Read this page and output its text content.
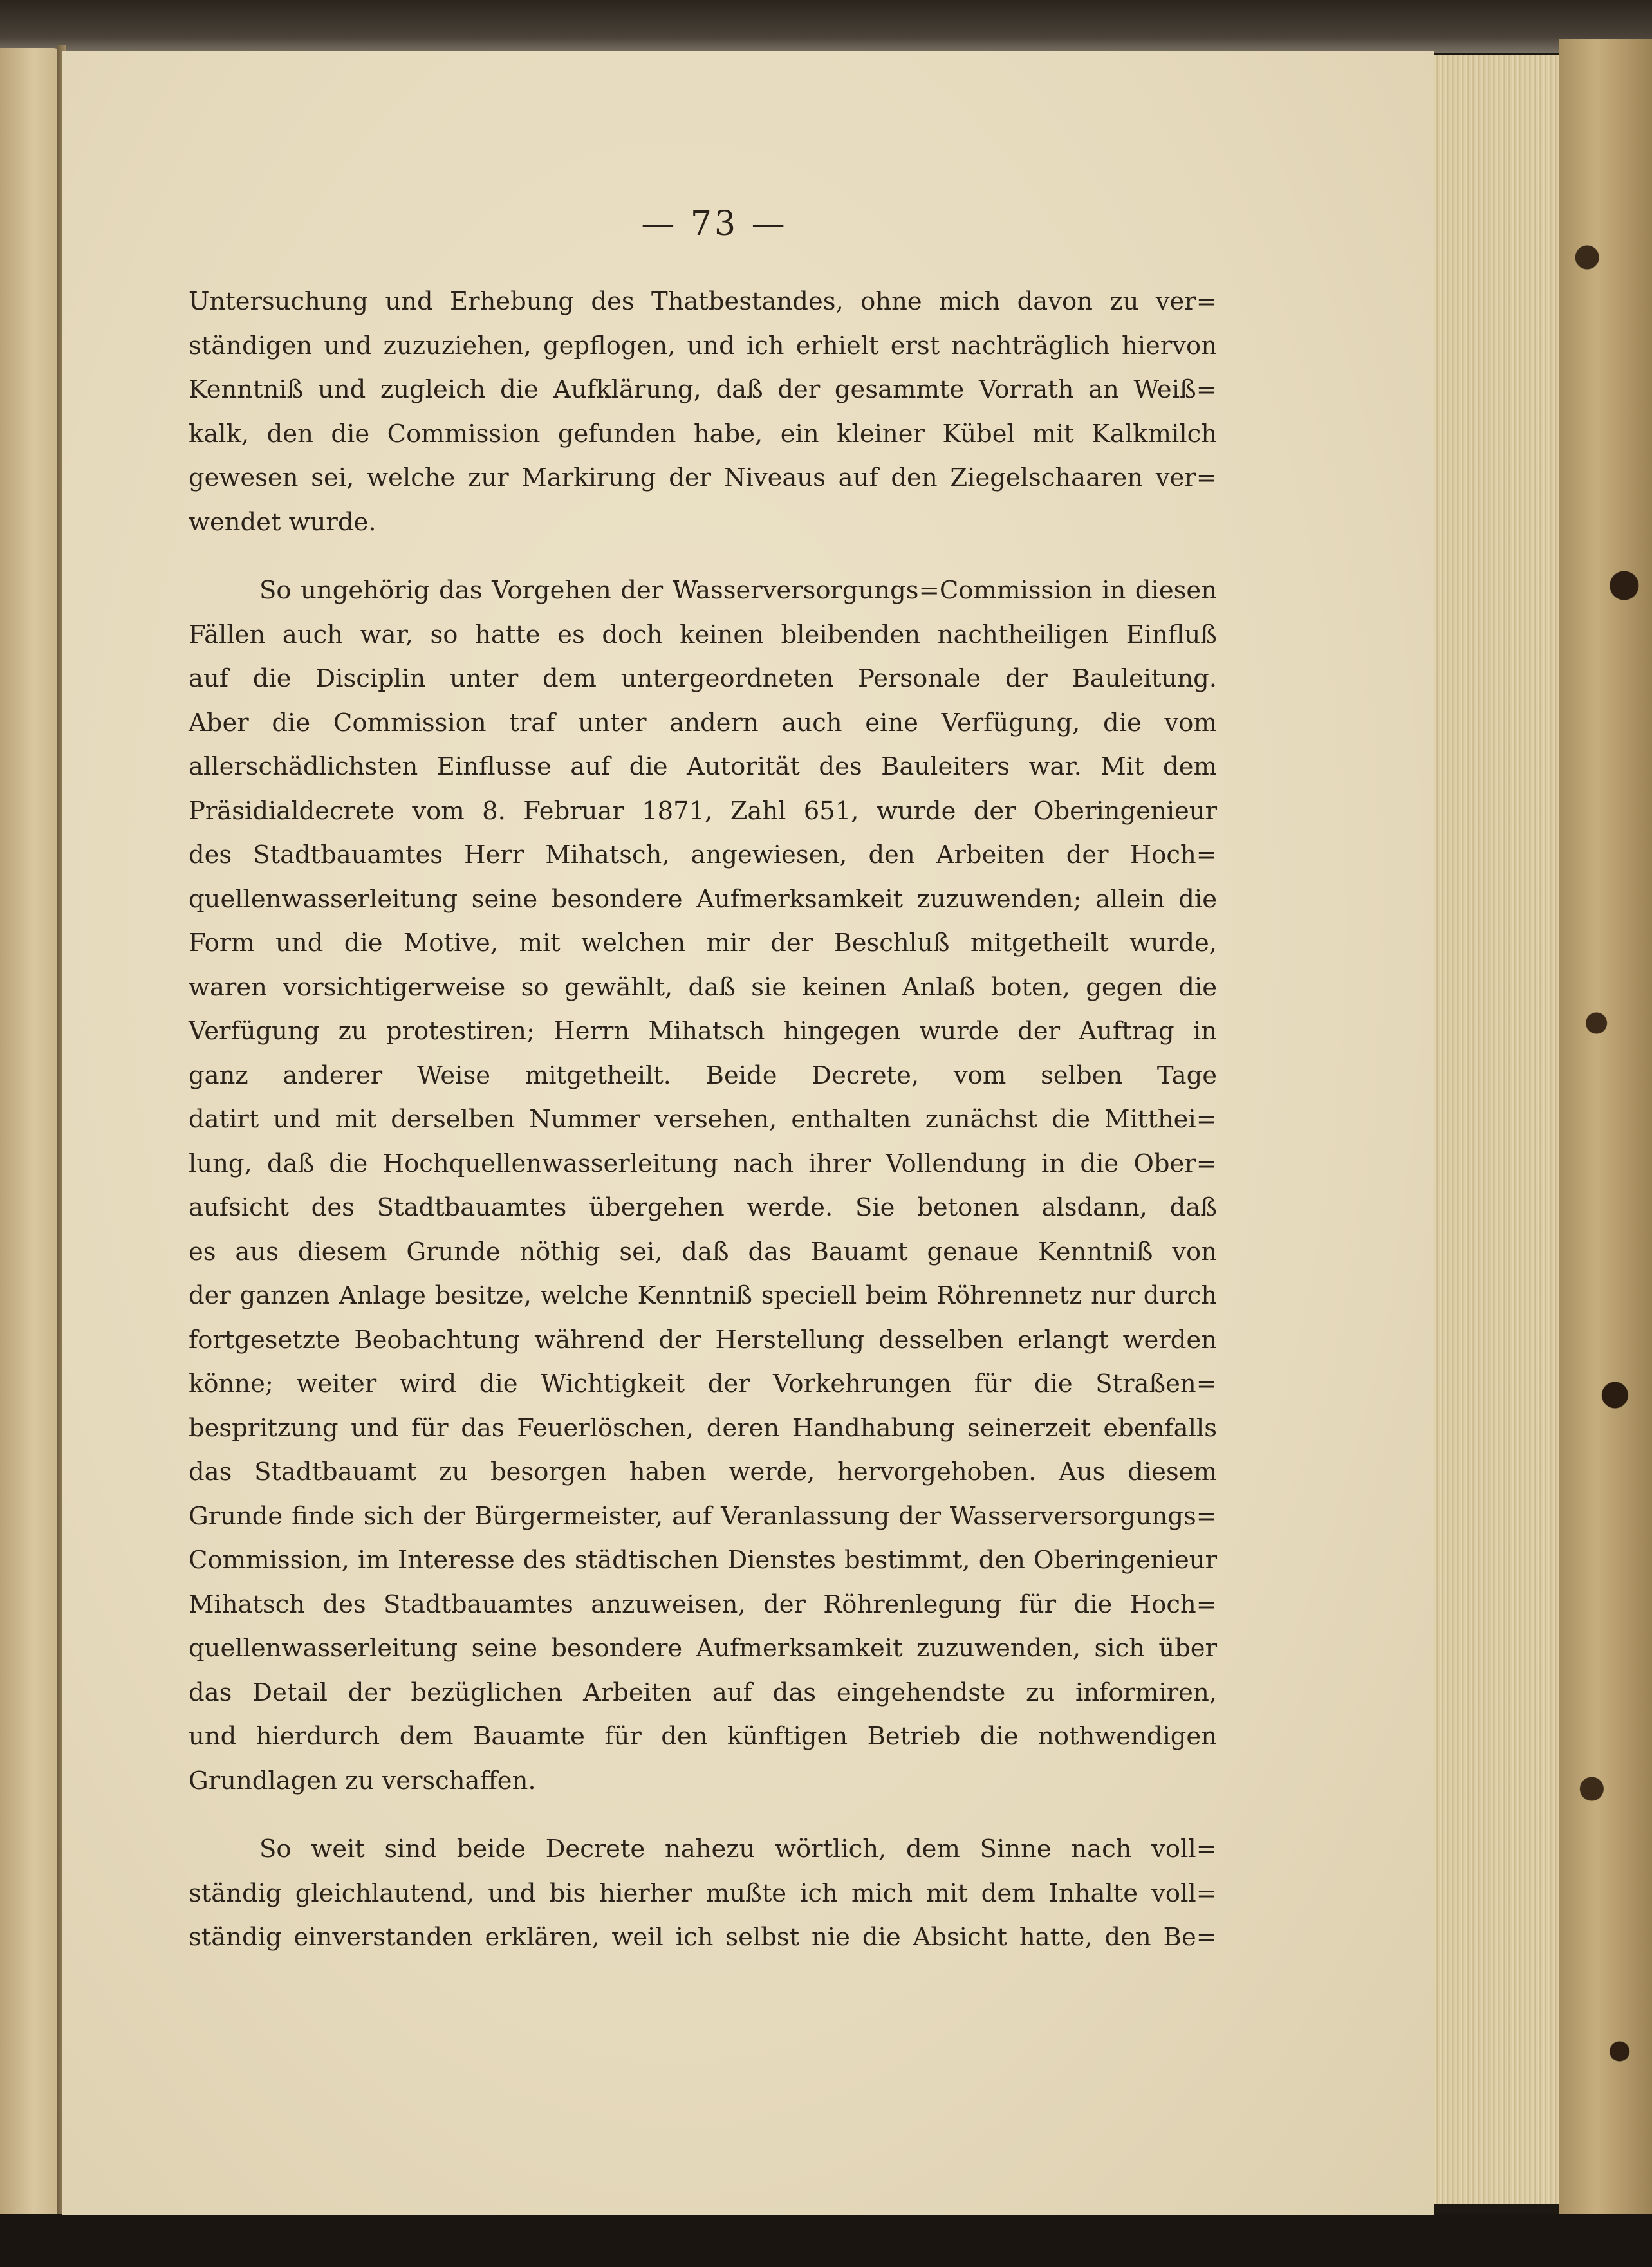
— 73 —
Untersuchung und Erhebung des Thatbestandes, ohne mich davon zu ver=
ständigen und zuzuziehen, gepflogen, und ich erhielt erst nachträglich hiervon
Kenntniß und zugleich die Aufklärung, daß der gesammte Vorrath an Weiß=
kalk, den die Commission gefunden habe, ein kleiner Kübel mit Kalkmilch
gewesen sei, welche zur Markirung der Niveaus auf den Ziegelschaaren ver=
wendet wurde.
So ungehörig das Vorgehen der Wasserversorgungs=Commission in diesen
Fällen auch war, so hatte es doch keinen bleibenden nachtheiligen Einfluß
auf die Disciplin unter dem untergeordneten Personale der Bauleitung.
Aber die Commission traf unter andern auch eine Verfügung, die vom
allerschädlichsten Einflusse auf die Autorität des Bauleiters war. Mit dem
Präsidialdecrete vom 8. Februar 1871, Zahl 651, wurde der Oberingenieur
des Stadtbauamtes Herr Mihatsch, angewiesen, den Arbeiten der Hoch=
quellenwasserleitung seine besondere Aufmerksamkeit zuzuwenden; allein die
Form und die Motive, mit welchen mir der Beschluß mitgetheilt wurde,
waren vorsichtigerweise so gewählt, daß sie keinen Anlaß boten, gegen die
Verfügung zu protestiren; Herrn Mihatsch hingegen wurde der Auftrag in
ganz anderer Weise mitgetheilt. Beide Decrete, vom selben Tage
datirt und mit derselben Nummer versehen, enthalten zunächst die Mitthei=
lung, daß die Hochquellenwasserleitung nach ihrer Vollendung in die Ober=
aufsicht des Stadtbauamtes übergehen werde. Sie betonen alsdann, daß
es aus diesem Grunde nöthig sei, daß das Bauamt genaue Kenntniß von
der ganzen Anlage besitze, welche Kenntniß speciell beim Röhrennetz nur durch
fortgesetzte Beobachtung während der Herstellung desselben erlangt werden
könne; weiter wird die Wichtigkeit der Vorkehrungen für die Straßen=
bespritzung und für das Feuerlöschen, deren Handhabung seinerzeit ebenfalls
das Stadtbauamt zu besorgen haben werde, hervorgehoben. Aus diesem
Grunde finde sich der Bürgermeister, auf Veranlassung der Wasserversorgungs=
Commission, im Interesse des städtischen Dienstes bestimmt, den Oberingenieur
Mihatsch des Stadtbauamtes anzuweisen, der Röhrenlegung für die Hoch=
quellenwasserleitung seine besondere Aufmerksamkeit zuzuwenden, sich über
das Detail der bezüglichen Arbeiten auf das eingehendste zu informiren,
und hierdurch dem Bauamte für den künftigen Betrieb die nothwendigen
Grundlagen zu verschaffen.
So weit sind beide Decrete nahezu wörtlich, dem Sinne nach voll=
ständig gleichlautend, und bis hierher mußte ich mich mit dem Inhalte voll=
ständig einverstanden erklären, weil ich selbst nie die Absicht hatte, den Be=
